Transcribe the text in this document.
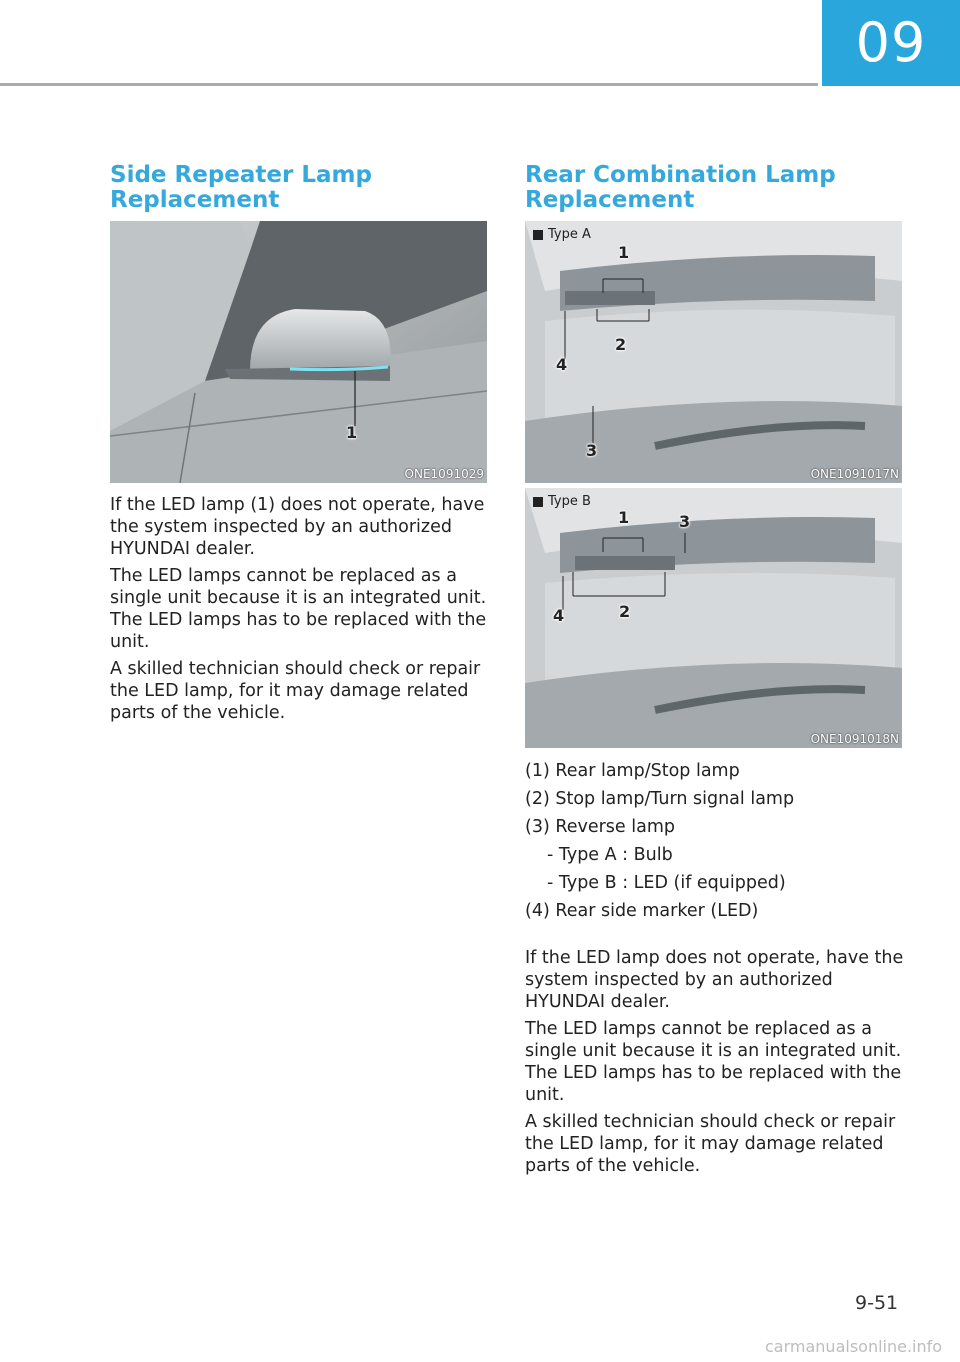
09
Side Repeater Lamp
Replacement
1
ONE1091029

If the LED lamp (1) does not operate, have the system inspected by an authorized HYUNDAI dealer.

The LED lamps cannot be replaced as a single unit because it is an integrated unit. The LED lamps has to be replaced with the unit.

A skilled technician should check or repair the LED lamp, for it may damage related parts of the vehicle.

Rear Combination Lamp
Replacement
Type A
1
2
3
4
ONE1091017N
Type B
1
2
3
4
ONE1091018N
(1) Rear lamp/Stop lamp
(2) Stop lamp/Turn signal lamp
(3) Reverse lamp
- Type A : Bulb
- Type B : LED (if equipped)
(4) Rear side marker (LED)

If the LED lamp does not operate, have the system inspected by an authorized HYUNDAI dealer.

The LED lamps cannot be replaced as a single unit because it is an integrated unit. The LED lamps has to be replaced with the unit.

A skilled technician should check or repair the LED lamp, for it may damage related parts of the vehicle.

9-51
carmanualsonline.info
